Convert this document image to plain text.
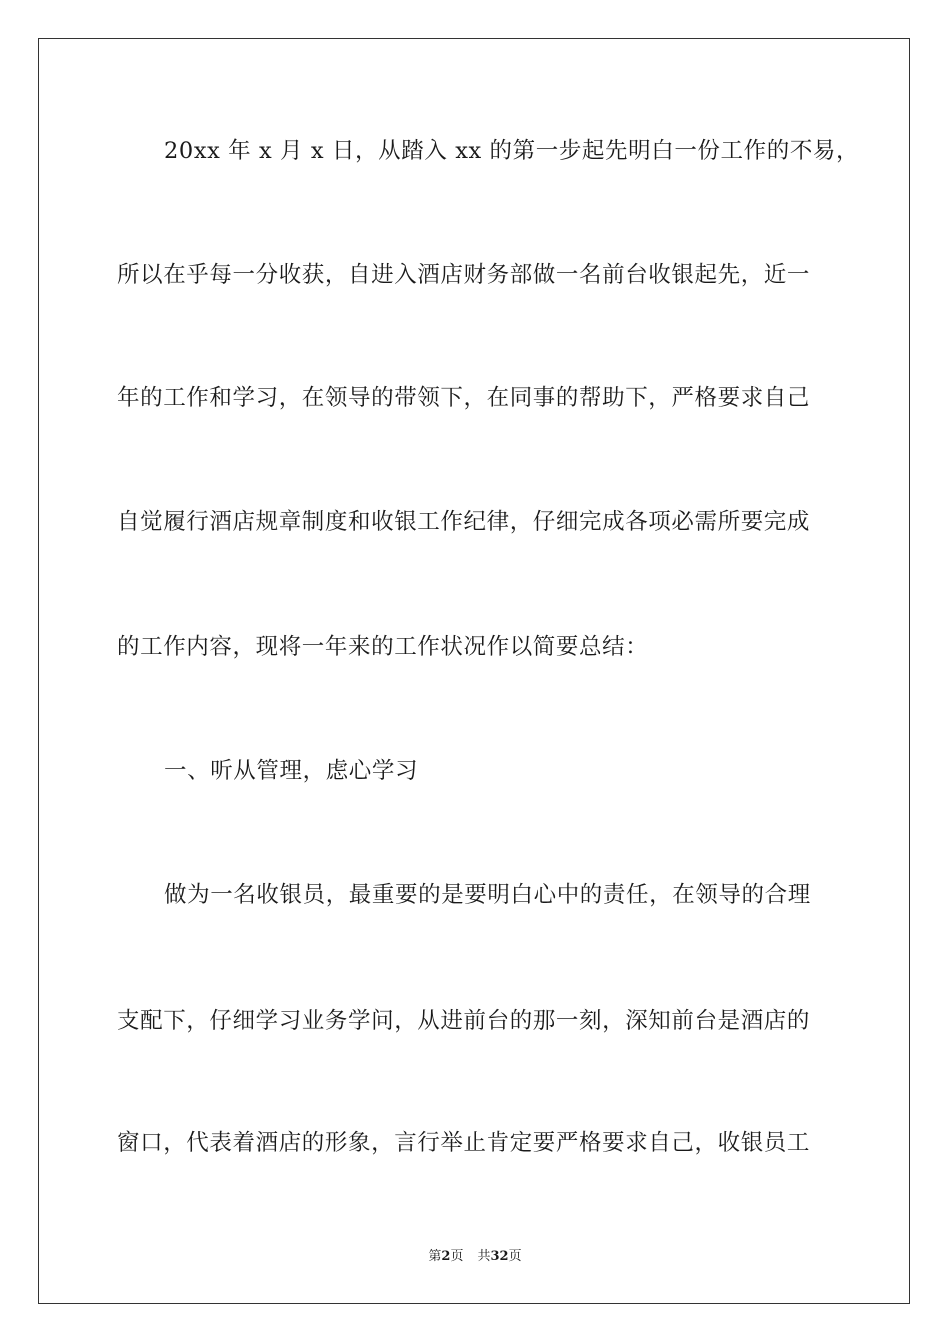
20xx 年 x 月 x 日，从踏入 xx 的第一步起先明白一份工作的不易，
所以在乎每一分收获，自进入酒店财务部做一名前台收银起先，近一
年的工作和学习，在领导的带领下，在同事的帮助下，严格要求自己
自觉履行酒店规章制度和收银工作纪律，仔细完成各项必需所要完成
的工作内容，现将一年来的工作状况作以简要总结：
一、听从管理，虑心学习
做为一名收银员，最重要的是要明白心中的责任，在领导的合理
支配下，仔细学习业务学问，从进前台的那一刻，深知前台是酒店的
窗口，代表着酒店的形象，言行举止肯定要严格要求自己，收银员工
第2页 共32页
